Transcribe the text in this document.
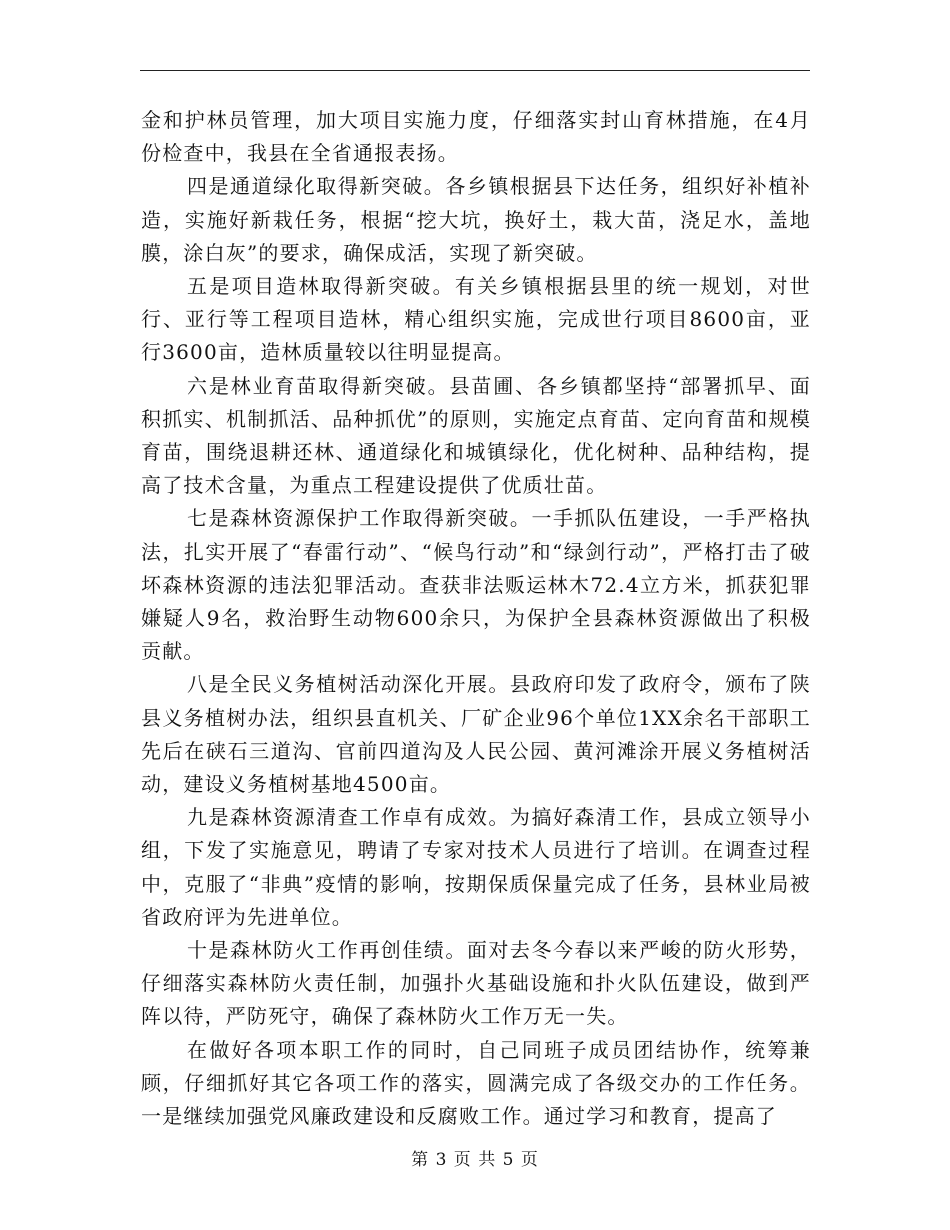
金和护林员管理，加大项目实施力度，仔细落实封山育林措施，在4月份检查中，我县在全省通报表扬。

四是通道绿化取得新突破。各乡镇根据县下达任务，组织好补植补造，实施好新栽任务，根据“挖大坑，换好土，栽大苗，浇足水，盖地膜，涂白灰”的要求，确保成活，实现了新突破。

五是项目造林取得新突破。有关乡镇根据县里的统一规划，对世行、亚行等工程项目造林，精心组织实施，完成世行项目8600亩，亚行3600亩，造林质量较以往明显提高。

六是林业育苗取得新突破。县苗圃、各乡镇都坚持“部署抓早、面积抓实、机制抓活、品种抓优”的原则，实施定点育苗、定向育苗和规模育苗，围绕退耕还林、通道绿化和城镇绿化，优化树种、品种结构，提高了技术含量，为重点工程建设提供了优质壮苗。

七是森林资源保护工作取得新突破。一手抓队伍建设，一手严格执法，扎实开展了“春雷行动”、“候鸟行动”和“绿剑行动”，严格打击了破坏森林资源的违法犯罪活动。查获非法贩运林木72.4立方米，抓获犯罪嫌疑人9名，救治野生动物600余只，为保护全县森林资源做出了积极贡献。

八是全民义务植树活动深化开展。县政府印发了政府令，颁布了陕县义务植树办法，组织县直机关、厂矿企业96个单位1XX余名干部职工先后在硖石三道沟、官前四道沟及人民公园、黄河滩涂开展义务植树活动，建设义务植树基地4500亩。

九是森林资源清查工作卓有成效。为搞好森清工作，县成立领导小组，下发了实施意见，聘请了专家对技术人员进行了培训。在调查过程中，克服了“非典”疫情的影响，按期保质保量完成了任务，县林业局被省政府评为先进单位。

十是森林防火工作再创佳绩。面对去冬今春以来严峻的防火形势，仔细落实森林防火责任制，加强扑火基础设施和扑火队伍建设，做到严阵以待，严防死守，确保了森林防火工作万无一失。

在做好各项本职工作的同时，自己同班子成员团结协作，统筹兼顾，仔细抓好其它各项工作的落实，圆满完成了各级交办的工作任务。一是继续加强党风廉政建设和反腐败工作。通过学习和教育，提高了

第 3 页 共 5 页
